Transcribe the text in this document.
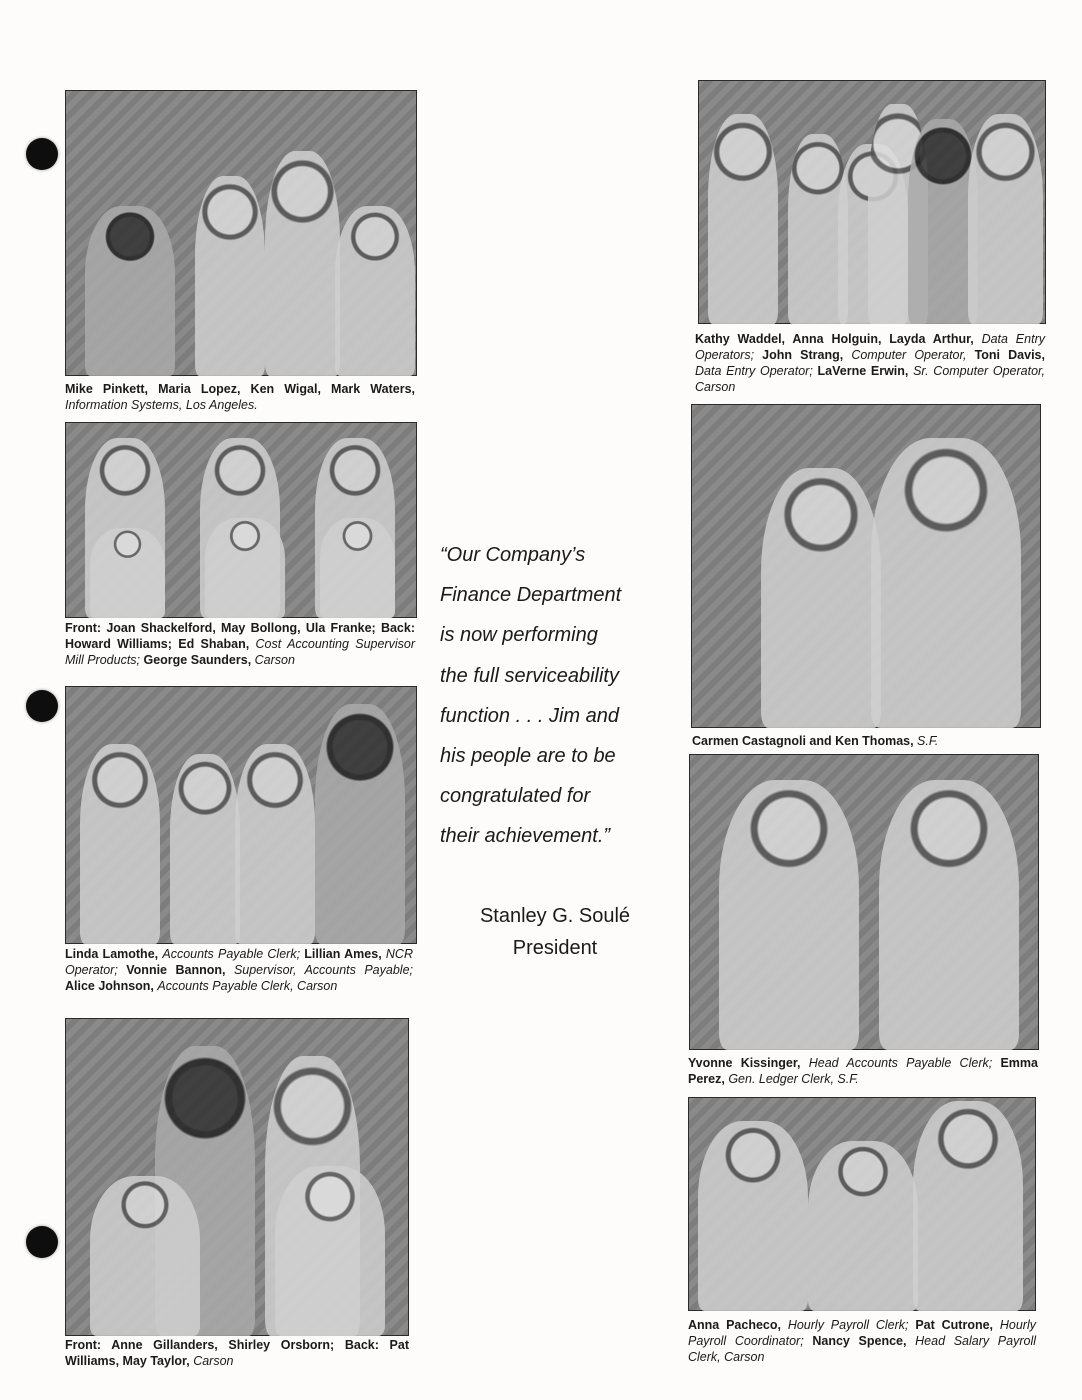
Mike Pinkett, Maria Lopez, Ken Wigal, Mark Waters, Information Systems, Los Angeles.

Front: Joan Shackelford, May Bollong, Ula Franke; Back: Howard Williams; Ed Shaban, Cost Accounting Supervisor Mill Products; George Saunders, Carson

Linda Lamothe, Accounts Payable Clerk; Lillian Ames, NCR Operator; Vonnie Bannon, Supervisor, Accounts Payable; Alice Johnson, Accounts Payable Clerk, Carson

Front: Anne Gillanders, Shirley Orsborn; Back: Pat Williams, May Taylor, Carson

“Our Company’s
Finance Department
is now performing
the full serviceability
function . . . Jim and
his people are to be
congratulated for
their achievement.”
Stanley G. Soulé
President

Kathy Waddel, Anna Holguin, Layda Arthur, Data Entry Operators; John Strang, Computer Operator, Toni Davis, Data Entry Operator; LaVerne Erwin, Sr. Computer Operator, Carson

Carmen Castagnoli and Ken Thomas, S.F.

Yvonne Kissinger, Head Accounts Payable Clerk; Emma Perez, Gen. Ledger Clerk, S.F.

Anna Pacheco, Hourly Payroll Clerk; Pat Cutrone, Hourly Payroll Coordinator; Nancy Spence, Head Salary Payroll Clerk, Carson
